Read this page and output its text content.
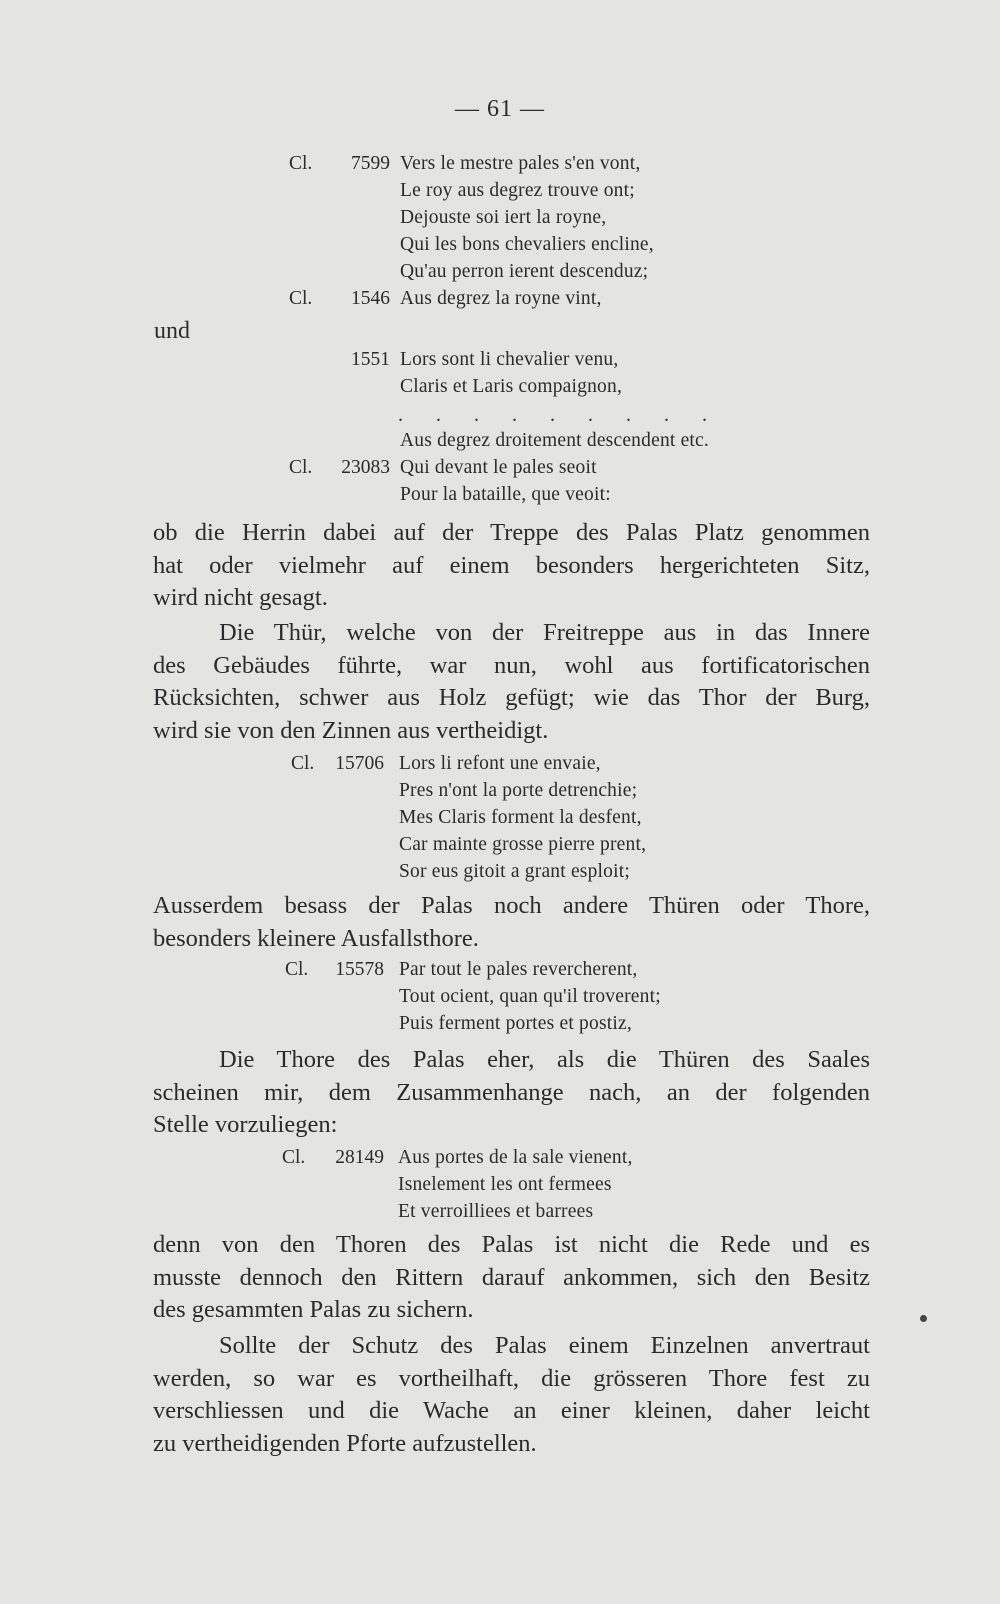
— 61 —
Cl.	7599 Vers le mestre pales s'en vont,
Le roy aus degrez trouve ont;
Dejouste soi iert la royne,
Qui les bons chevaliers encline,
Qu'au perron ierent descenduz;
Cl.	1546 Aus degrez la royne vint,
und
1551 Lors sont li chevalier venu,
Claris et Laris compaignon,
. . . . . . . . .
Aus degrez droitement descendent etc.
Cl.	23083 Qui devant le pales seoit
Pour la bataille, que veoit:
ob die Herrin dabei auf der Treppe des Palas Platz genommen
hat oder vielmehr auf einem besonders hergerichteten Sitz,
wird nicht gesagt.
Die Thür, welche von der Freitreppe aus in das Innere
des Gebäudes führte, war nun, wohl aus fortificatorischen
Rücksichten, schwer aus Holz gefügt; wie das Thor der Burg,
wird sie von den Zinnen aus vertheidigt.
Cl.	15706 Lors li refont une envaie,
Pres n'ont la porte detrenchie;
Mes Claris forment la desfent,
Car mainte grosse pierre prent,
Sor eus gitoit a grant esploit;
Ausserdem besass der Palas noch andere Thüren oder Thore,
besonders kleinere Ausfallsthore.
Cl.	15578 Par tout le pales revercherent,
Tout ocient, quan qu'il troverent;
Puis ferment portes et postiz,
Die Thore des Palas eher, als die Thüren des Saales
scheinen mir, dem Zusammenhange nach, an der folgenden
Stelle vorzuliegen:
Cl.	28149 Aus portes de la sale vienent,
Isnelement les ont fermees
Et verroilliees et barrees
denn von den Thoren des Palas ist nicht die Rede und es
musste dennoch den Rittern darauf ankommen, sich den Besitz
des gesammten Palas zu sichern.
Sollte der Schutz des Palas einem Einzelnen anvertraut
werden, so war es vortheilhaft, die grösseren Thore fest zu
verschliessen und die Wache an einer kleinen, daher leicht
zu vertheidigenden Pforte aufzustellen.
